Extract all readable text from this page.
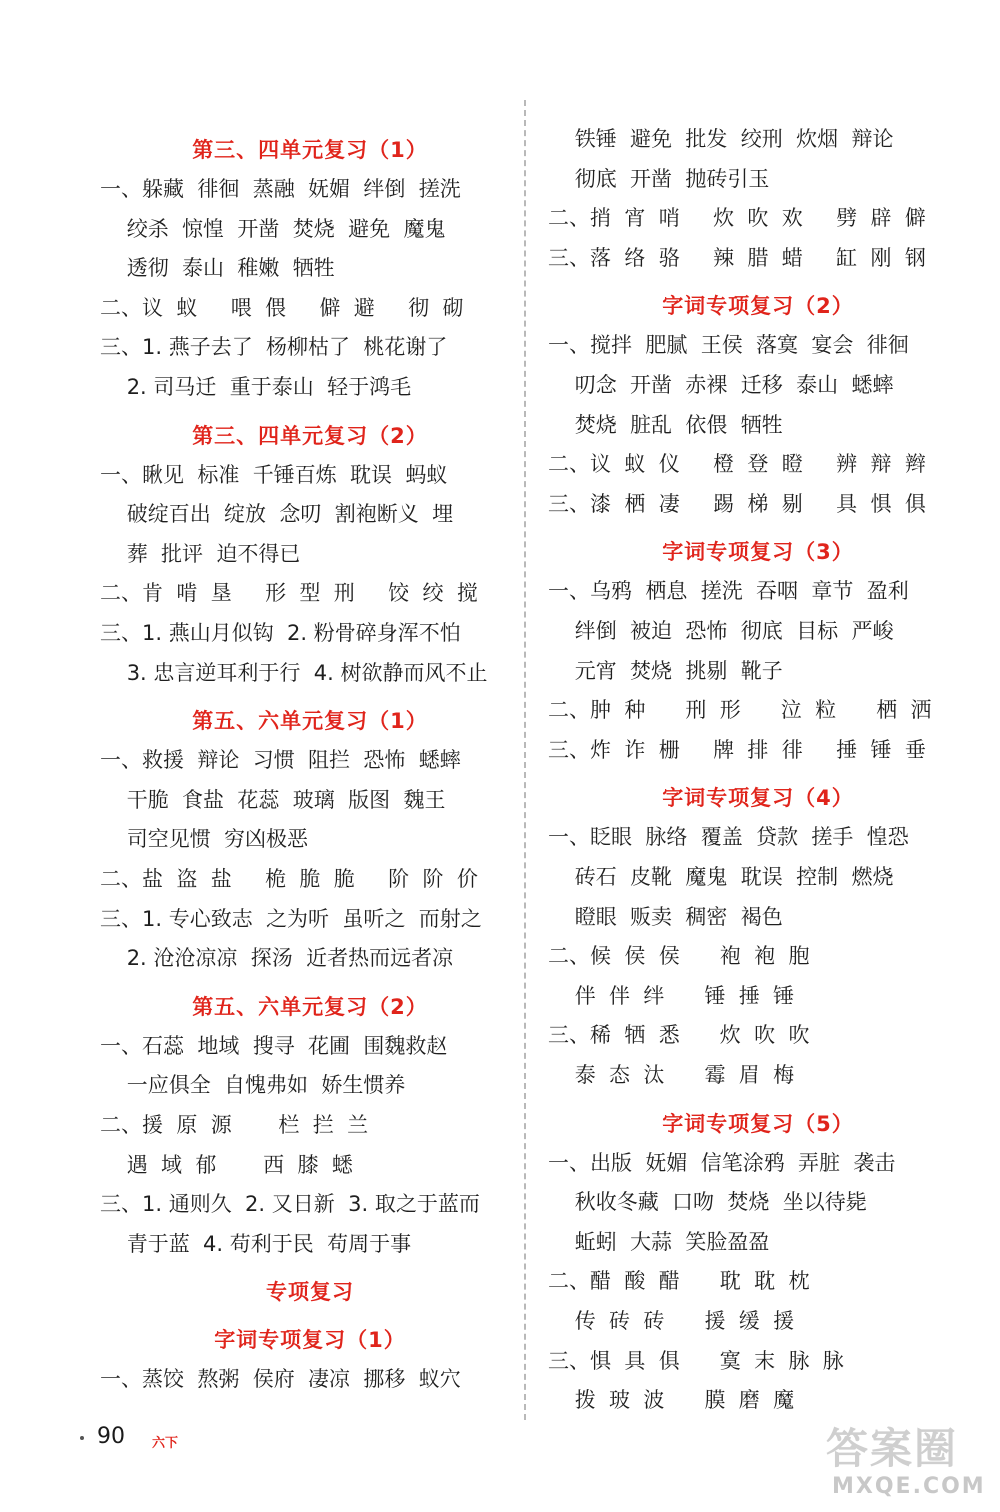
第三、四单元复习（1）
一、躲藏  徘徊  蒸融  妩媚  绊倒  搓洗
绞杀  惊惶  开凿  焚烧  避免  魔鬼
透彻  泰山  稚嫩  牺牲
二、议  蚁     喂  偎     僻  避     彻  砌
三、1. 燕子去了  杨柳枯了  桃花谢了
2. 司马迁  重于泰山  轻于鸿毛
第三、四单元复习（2）
一、瞅见  标准  千锤百炼  耽误  蚂蚁
破绽百出  绽放  念叨  割袍断义  埋
葬  批评  迫不得已
二、肯  啃  垦     形  型  刑     饺  绞  搅
三、1. 燕山月似钩  2. 粉骨碎身浑不怕
3. 忠言逆耳利于行  4. 树欲静而风不止
第五、六单元复习（1）
一、救援  辩论  习惯  阻拦  恐怖  蟋蟀
干脆  食盐  花蕊  玻璃  版图  魏王
司空见惯  穷凶极恶
二、盐  盗  盐     桅  脆  脆     阶  阶  价
三、1. 专心致志  之为听  虽听之  而射之
2. 沧沧凉凉  探汤  近者热而远者凉
第五、六单元复习（2）
一、石蕊  地域  搜寻  花圃  围魏救赵
一应俱全  自愧弗如  娇生惯养
二、援  原  源       栏  拦  兰
遇  域  郁       西  膝  蟋
三、1. 通则久  2. 又日新  3. 取之于蓝而
青于蓝  4. 苟利于民  苟周于事
专项复习
字词专项复习（1）
一、蒸饺  熬粥  侯府  凄凉  挪移  蚁穴
铁锤  避免  批发  绞刑  炊烟  辩论
彻底  开凿  抛砖引玉
二、捎  宵  哨     炊  吹  欢     劈  辟  僻
三、落  络  骆     辣  腊  蜡     缸  刚  钢
字词专项复习（2）
一、搅拌  肥腻  王侯  落寞  宴会  徘徊
叨念  开凿  赤裸  迁移  泰山  蟋蟀
焚烧  脏乱  依偎  牺牲
二、议  蚁  仪     橙  登  瞪     辨  辩  辫
三、漆  栖  凄     踢  梯  剔     具  惧  俱
字词专项复习（3）
一、乌鸦  栖息  搓洗  吞咽  章节  盈利
绊倒  被迫  恐怖  彻底  目标  严峻
元宵  焚烧  挑剔  靴子
二、肿  种      刑  形      泣  粒      栖  洒
三、炸  诈  栅     牌  排  徘     捶  锤  垂
字词专项复习（4）
一、眨眼  脉络  覆盖  贷款  搓手  惶恐
砖石  皮靴  魔鬼  耽误  控制  燃烧
瞪眼  贩卖  稠密  褐色
二、候  侯  侯      袍  袍  胞
伴  伴  绊      锤  捶  锤
三、稀  牺  悉      炊  吹  吹
泰  态  汰      霉  眉  梅
字词专项复习（5）
一、出版  妩媚  信笔涂鸦  弄脏  袭击
秋收冬藏  口吻  焚烧  坐以待毙
蚯蚓  大蒜  笑脸盈盈
二、醋  酸  醋      耽  耽  枕
传  砖  砖      援  缓  援
三、惧  具  俱      寞  末  脉  脉
拨  玻  波      膜  磨  魔
90 六下	答案圈
MXQE.COM
